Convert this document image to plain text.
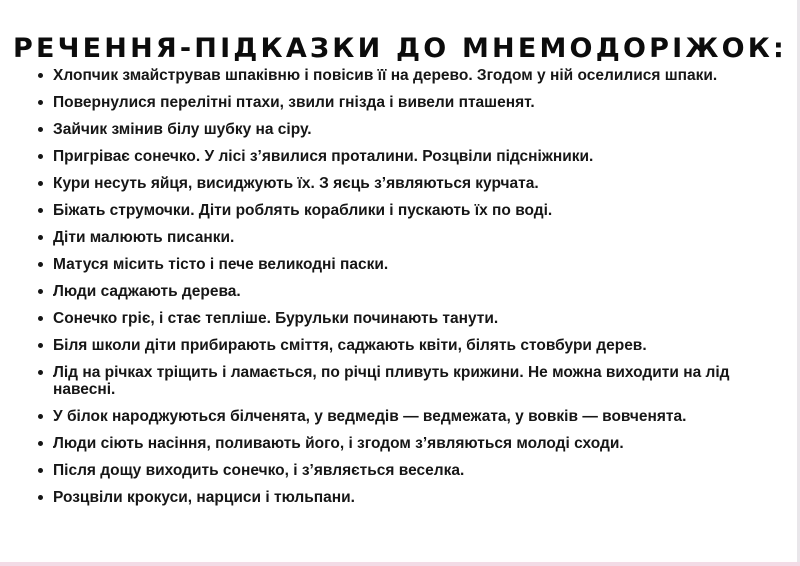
РЕЧЕННЯ-ПІДКАЗКИ ДО МНЕМОДОРІЖОК:
Хлопчик змайстрував шпаківню і повісив її на дерево. Згодом у ній оселилися шпаки.
Повернулися перелітні птахи, звили гнізда і вивели пташенят.
Зайчик змінив білу шубку на сіру.
Пригріває сонечко. У лісі з’явилися проталини. Розцвіли підсніжники.
Кури несуть яйця, висиджують їх. З яєць з’являються курчата.
Біжать струмочки. Діти роблять кораблики і пускають їх по воді.
Діти малюють писанки.
Матуся місить тісто і пече великодні паски.
Люди саджають дерева.
Сонечко гріє, і стає тепліше. Бурульки починають танути.
Біля школи діти прибирають сміття, саджають квіти, білять стовбури дерев.
Лід на річках тріщить і ламається, по річці пливуть крижини. Не можна виходити на лід навесні.
У білок народжуються білченята, у ведмедів — ведмежата, у вовків — вовченята.
Люди сіють насіння, поливають його, і згодом з’являються молоді сходи.
Після дощу виходить сонечко, і з’являється веселка.
Розцвіли крокуси, нарциси і тюльпани.
